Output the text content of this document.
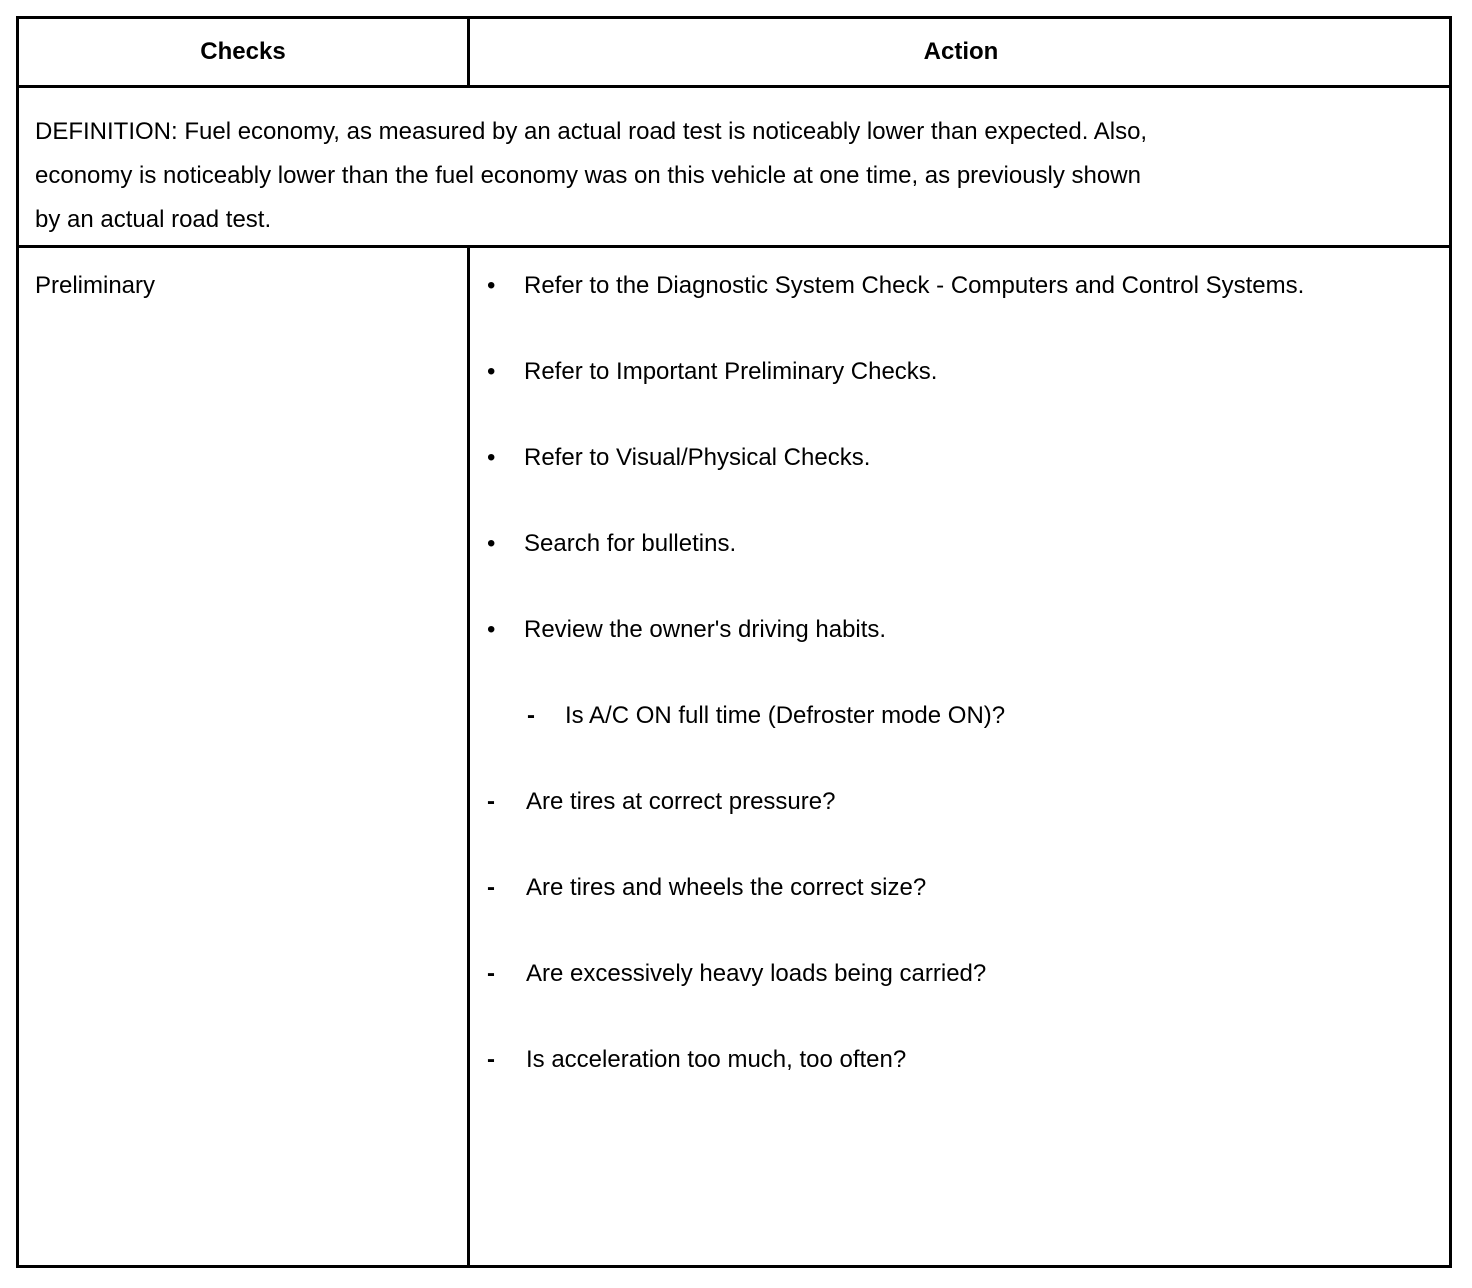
Checks	Action
DEFINITION: Fuel economy, as measured by an actual road test is noticeably lower than expected. Also,
economy is noticeably lower than the fuel economy was on this vehicle at one time, as previously shown
by an actual road test.
Preliminary	•	Refer to the Diagnostic System Check - Computers and Control Systems.
•	Refer to Important Preliminary Checks.
•	Refer to Visual/Physical Checks.
•	Search for bulletins.
•	Review the owner's driving habits.
-	Is A/C ON full time (Defroster mode ON)?
-	Are tires at correct pressure?
-	Are tires and wheels the correct size?
-	Are excessively heavy loads being carried?
-	Is acceleration too much, too often?
